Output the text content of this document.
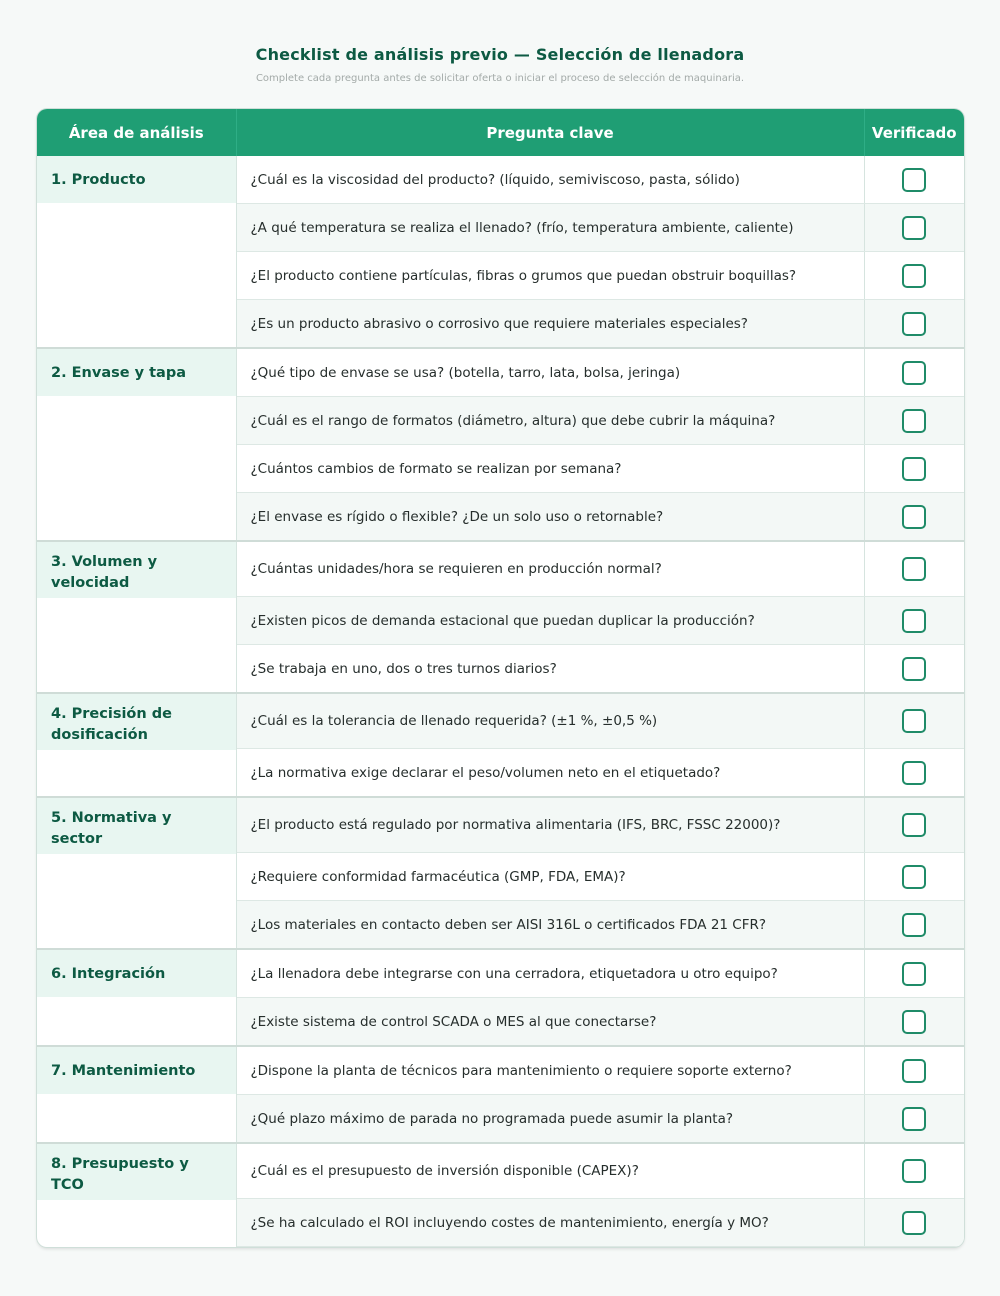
Checklist de análisis previo — Selección de llenadora
Complete cada pregunta antes de solicitar oferta o iniciar el proceso de selección de maquinaria.
Área de análisis	Pregunta clave	Verificado

1. Producto	¿Cuál es la viscosidad del producto? (líquido, semiviscoso, pasta, sólido)	
	¿A qué temperatura se realiza el llenado? (frío, temperatura ambiente, caliente)	
	¿El producto contiene partículas, fibras o grumos que puedan obstruir boquillas?	
	¿Es un producto abrasivo o corrosivo que requiere materiales especiales?	

2. Envase y tapa	¿Qué tipo de envase se usa? (botella, tarro, lata, bolsa, jeringa)	
	¿Cuál es el rango de formatos (diámetro, altura) que debe cubrir la máquina?	
	¿Cuántos cambios de formato se realizan por semana?	
	¿El envase es rígido o flexible? ¿De un solo uso o retornable?	

3. Volumen y velocidad	¿Cuántas unidades/hora se requieren en producción normal?	
	¿Existen picos de demanda estacional que puedan duplicar la producción?	
	¿Se trabaja en uno, dos o tres turnos diarios?	

4. Precisión de dosificación	¿Cuál es la tolerancia de llenado requerida? (±1 %, ±0,5 %)	
	¿La normativa exige declarar el peso/volumen neto en el etiquetado?	

5. Normativa y sector	¿El producto está regulado por normativa alimentaria (IFS, BRC, FSSC 22000)?	
	¿Requiere conformidad farmacéutica (GMP, FDA, EMA)?	
	¿Los materiales en contacto deben ser AISI 316L o certificados FDA 21 CFR?	

6. Integración	¿La llenadora debe integrarse con una cerradora, etiquetadora u otro equipo?	
	¿Existe sistema de control SCADA o MES al que conectarse?	

7. Mantenimiento	¿Dispone la planta de técnicos para mantenimiento o requiere soporte externo?	
	¿Qué plazo máximo de parada no programada puede asumir la planta?	

8. Presupuesto y TCO	¿Cuál es el presupuesto de inversión disponible (CAPEX)?	
	¿Se ha calculado el ROI incluyendo costes de mantenimiento, energía y MO?	
